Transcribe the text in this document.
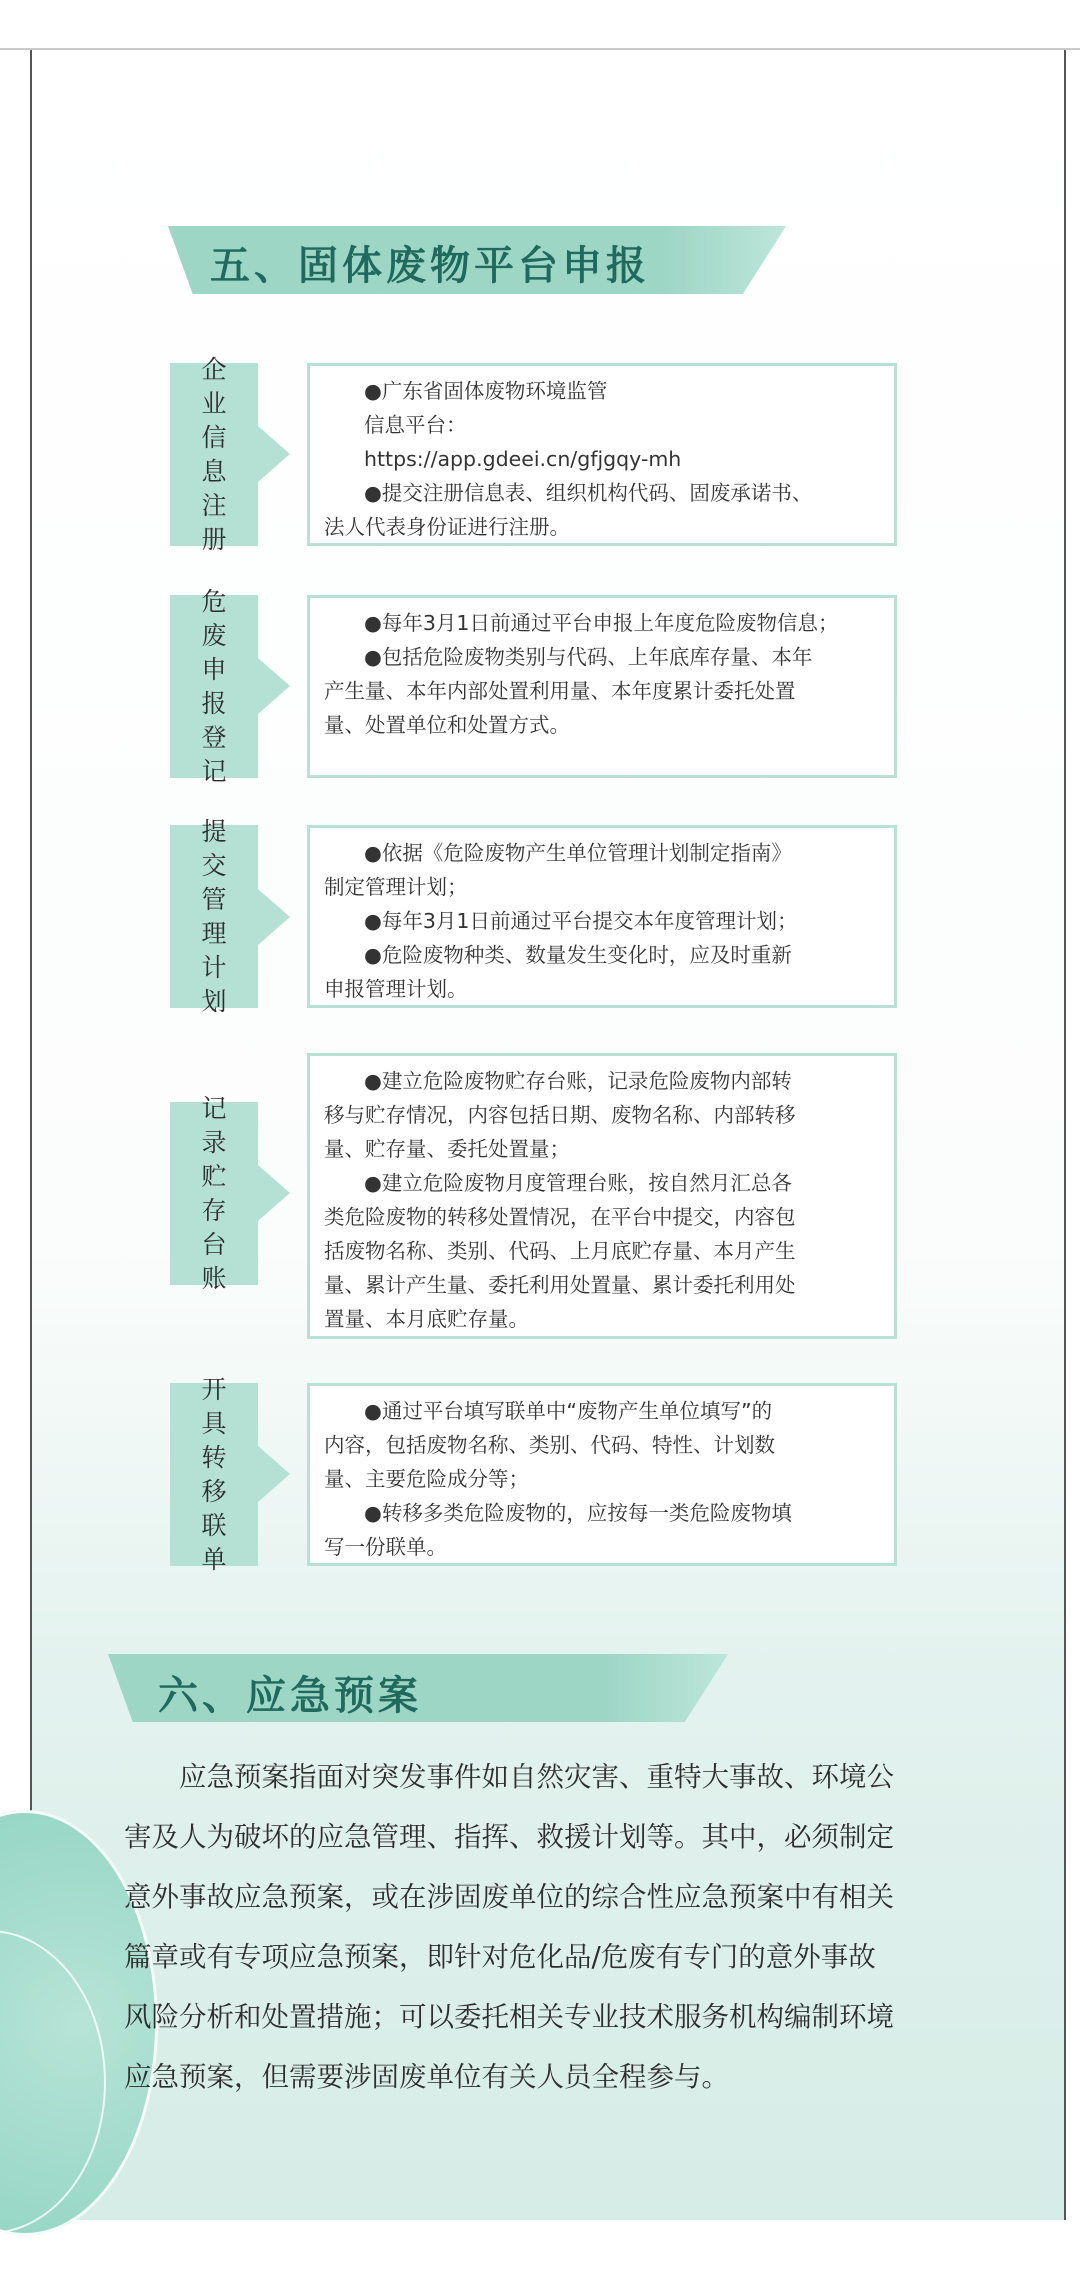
五、固体废物平台申报
企业信息注册

●广东省固体废物环境监管

信息平台：

https://app.gdeei.cn/gfjgqy-mh

●提交注册信息表、组织机构代码、固废承诺书、

法人代表身份证进行注册。

危废申报登记

●每年3月1日前通过平台申报上年度危险废物信息；

●包括危险废物类别与代码、上年底库存量、本年

产生量、本年内部处置利用量、本年度累计委托处置

量、处置单位和处置方式。

提交管理计划

●依据《危险废物产生单位管理计划制定指南》

制定管理计划；

●每年3月1日前通过平台提交本年度管理计划；

●危险废物种类、数量发生变化时，应及时重新

申报管理计划。

记录贮存台账

●建立危险废物贮存台账，记录危险废物内部转

移与贮存情况，内容包括日期、废物名称、内部转移

量、贮存量、委托处置量；

●建立危险废物月度管理台账，按自然月汇总各

类危险废物的转移处置情况，在平台中提交，内容包

括废物名称、类别、代码、上月底贮存量、本月产生

量、累计产生量、委托利用处置量、累计委托利用处

置量、本月底贮存量。

开具转移联单

●通过平台填写联单中“废物产生单位填写”的

内容，包括废物名称、类别、代码、特性、计划数

量、主要危险成分等；

●转移多类危险废物的，应按每一类危险废物填

写一份联单。

六、应急预案
　　应急预案指面对突发事件如自然灾害、重特大事故、环境公
害及人为破坏的应急管理、指挥、救援计划等。其中，必须制定
意外事故应急预案，或在涉固废单位的综合性应急预案中有相关
篇章或有专项应急预案，即针对危化品/危废有专门的意外事故
风险分析和处置措施；可以委托相关专业技术服务机构编制环境
应急预案，但需要涉固废单位有关人员全程参与。
大鲵跨境
